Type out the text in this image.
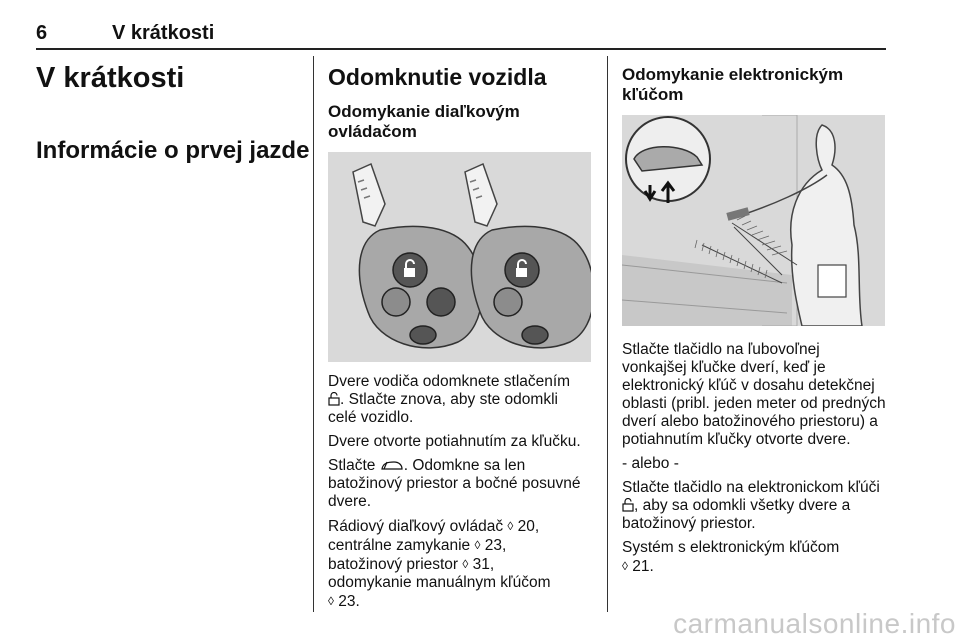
6	V krátkosti
V krátkosti
Informácie o prvej jazde
Odomknutie vozidla
Odomykanie diaľkovým ovládačom

Dvere vodiča odomknete stlačením
. Stlačte znova, aby ste odomkli celé vozidlo.

Dvere otvorte potiahnutím za kľučku.

Stlačte . Odomkne sa len batožinový priestor a bočné posuvné dvere.

Rádiový diaľkový ovládač ◊ 20,
centrálne zamykanie ◊ 23,
batožinový priestor ◊ 31,
odomykanie manuálnym kľúčom
◊ 23.

Odomykanie elektronickým kľúčom

Stlačte tlačidlo na ľubovoľnej vonkajšej kľučke dverí, keď je elektronický kľúč v dosahu detekčnej oblasti (pribl. jeden meter od predných dverí alebo batožinového priestoru) a potiahnutím kľučky otvorte dvere.

- alebo -

Stlačte tlačidlo na elektronickom kľúči
, aby sa odomkli všetky dvere a batožinový priestor.

Systém s elektronickým kľúčom
◊ 21.

carmanualsonline.info
